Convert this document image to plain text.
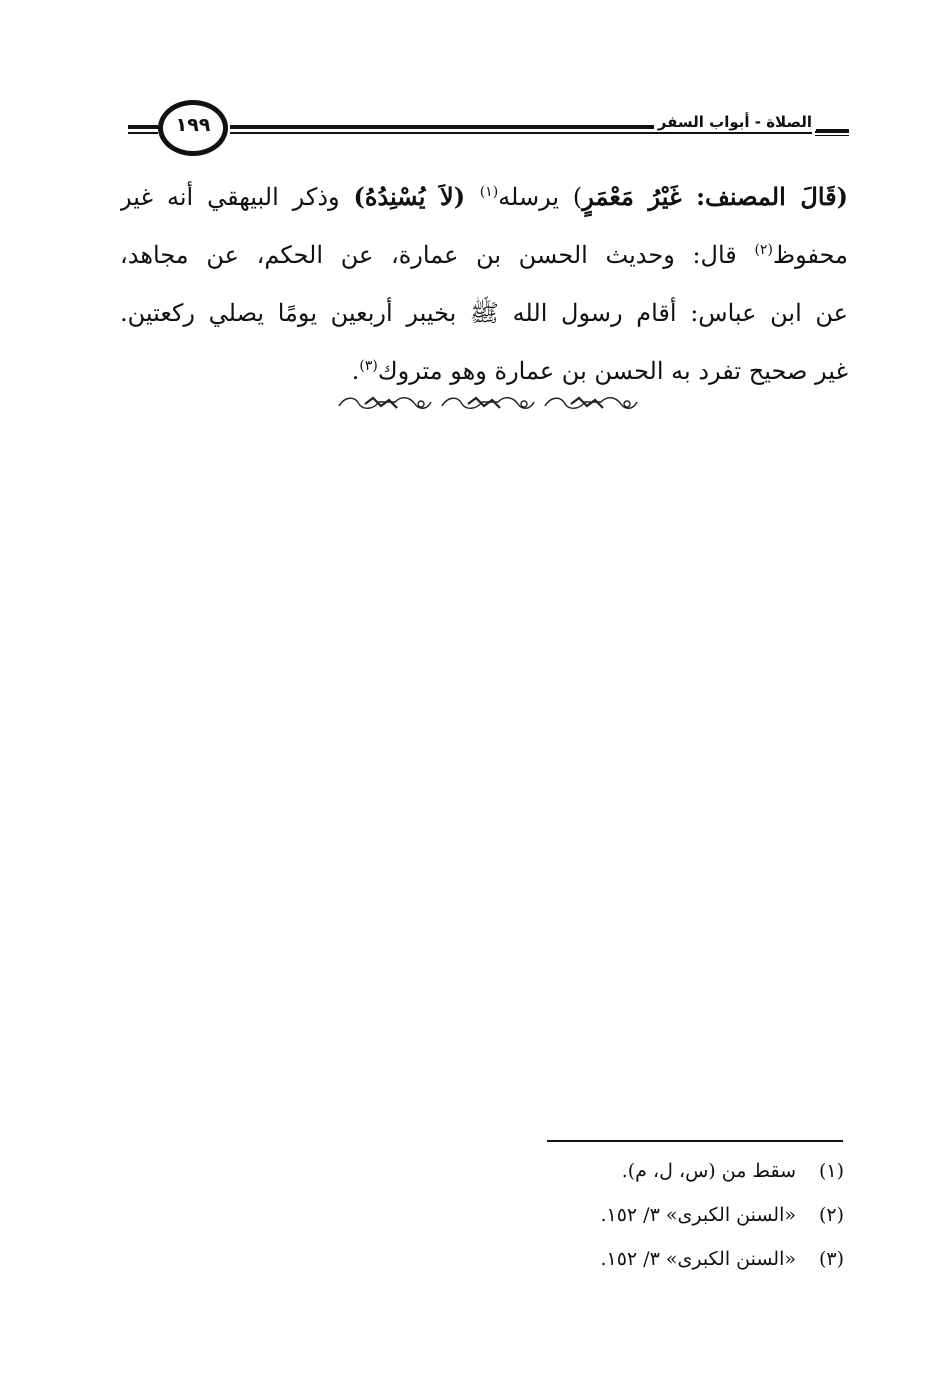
الصلاة - أبواب السفر
١٩٩
(قَالَ المصنف: غَيْرُ مَعْمَرٍ) يرسله$^{(١)}$ (لاَ يُسْنِدُهُ) وذكر البيهقي أنه غير
محفوظ$^{(٢)}$ قال: وحديث الحسن بن عمارة، عن الحكم، عن مجاهد،
عن ابن عباس: أقام رسول الله ﷺ بخيبر أربعين يومًا يصلي ركعتين.
غير صحيح تفرد به الحسن بن عمارة وهو متروك$^{(٣)}$.
(١)سقط من (س، ل، م).
(٢)«السنن الكبرى» ٣/ ١٥٢.
(٣)«السنن الكبرى» ٣/ ١٥٢.
